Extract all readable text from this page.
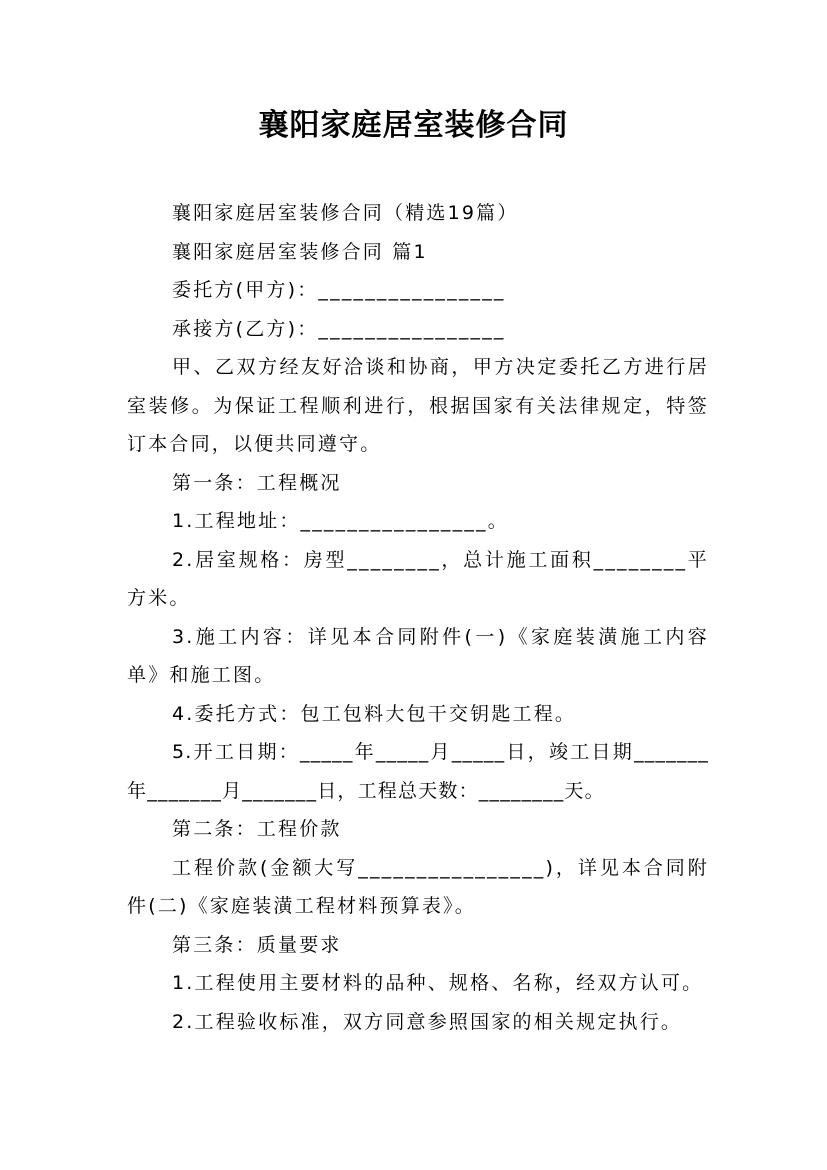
襄阳家庭居室装修合同

襄阳家庭居室装修合同（精选19篇）

襄阳家庭居室装修合同 篇1

委托方(甲方)：________________

承接方(乙方)：________________

甲、乙双方经友好洽谈和协商，甲方决定委托乙方进行居室装修。为保证工程顺利进行，根据国家有关法律规定，特签订本合同，以便共同遵守。

第一条：工程概况

1.工程地址：________________。

2.居室规格：房型________，总计施工面积________平方米。

3.施工内容：详见本合同附件(一)《家庭装潢施工内容单》和施工图。

4.委托方式：包工包料大包干交钥匙工程。

5.开工日期：_____年_____月_____日，竣工日期_______年_______月_______日，工程总天数：________天。

第二条：工程价款

工程价款(金额大写________________)，详见本合同附件(二)《家庭装潢工程材料预算表》。

第三条：质量要求

1.工程使用主要材料的品种、规格、名称，经双方认可。

2.工程验收标准，双方同意参照国家的相关规定执行。
